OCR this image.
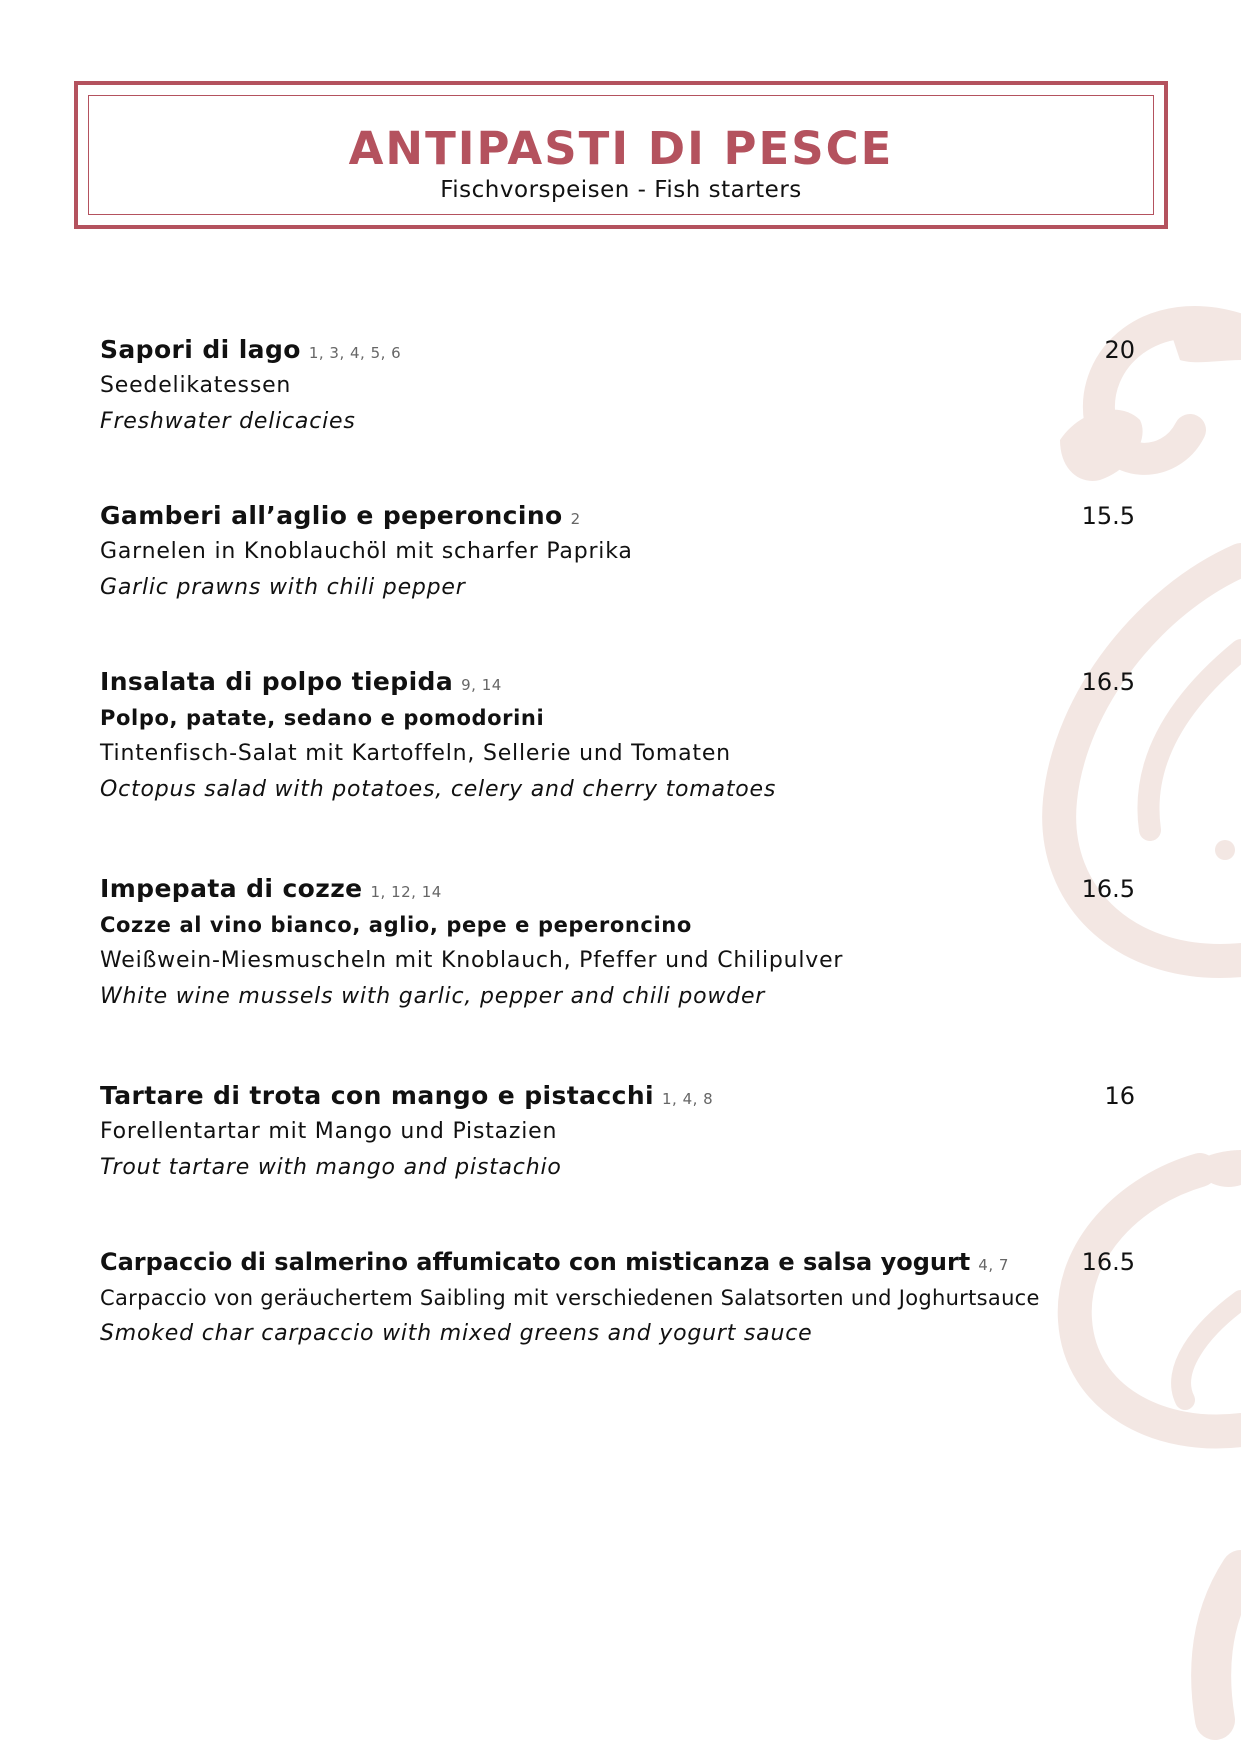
ANTIPASTI DI PESCE
Fischvorspeisen - Fish starters
Sapori di lago 1, 3, 4, 5, 6	20
Seedelikatessen
Freshwater delicacies
Gamberi all’aglio e peperoncino 2	15.5
Garnelen in Knoblauchöl mit scharfer Paprika
Garlic prawns with chili pepper
Insalata di polpo tiepida 9, 14	16.5
Polpo, patate, sedano e pomodorini
Tintenfisch-Salat mit Kartoffeln, Sellerie und Tomaten
Octopus salad with potatoes, celery and cherry tomatoes
Impepata di cozze 1, 12, 14	16.5
Cozze al vino bianco, aglio, pepe e peperoncino
Weißwein-Miesmuscheln mit Knoblauch, Pfeffer und Chilipulver
White wine mussels with garlic, pepper and chili powder
Tartare di trota con mango e pistacchi 1, 4, 8	16
Forellentartar mit Mango und Pistazien
Trout tartare with mango and pistachio
Carpaccio di salmerino affumicato con misticanza e salsa yogurt 4, 7	16.5
Carpaccio von geräuchertem Saibling mit verschiedenen Salatsorten und Joghurtsauce
Smoked char carpaccio with mixed greens and yogurt sauce
